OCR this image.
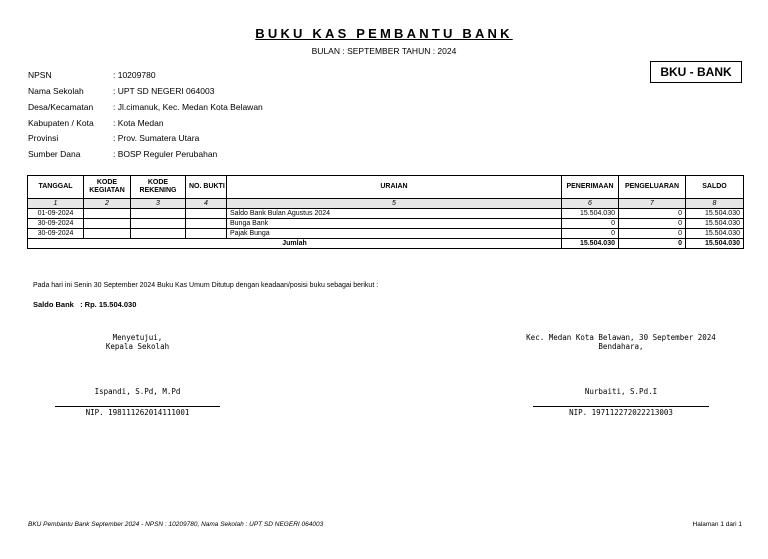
BUKU KAS PEMBANTU BANK
BULAN : SEPTEMBER TAHUN : 2024
BKU - BANK
NPSN	: 10209780
Nama Sekolah	: UPT SD NEGERI 064003
Desa/Kecamatan : Jl.cimanuk, Kec. Medan Kota Belawan
Kabupaten / Kota : Kota Medan
Provinsi	: Prov. Sumatera Utara
Sumber Dana	: BOSP Reguler Perubahan
TANGGAL	KODE KEGIATAN	KODE REKENING	NO. BUKTI	URAIAN	PENERIMAAN	PENGELUARAN	SALDO
1	2	3	4	5	6	7	8
01-09-2024				Saldo Bank Bulan Agustus 2024	15.504.030	0	15.504.030
30-09-2024				Bunga Bank	0	0	15.504.030
30-09-2024				Pajak Bunga	0	0	15.504.030
Jumlah					15.504.030	0	15.504.030
Pada hari ini Senin 30 September 2024 Buku Kas Umum Ditutup dengan keadaan/posisi buku sebagai berikut :
Saldo Bank   : Rp. 15.504.030
Menyetujui,
Kepala Sekolah
Ispandi, S.Pd, M.Pd
NIP. 198111262014111001
Kec. Medan Kota Belawan, 30 September 2024
Bendahara,
Nurbaiti, S.Pd.I
NIP. 197112272022213003
BKU Pembantu Bank September 2024 - NPSN : 10209780, Nama Sekolah : UPT SD NEGERI 064003	Halaman 1 dari 1
